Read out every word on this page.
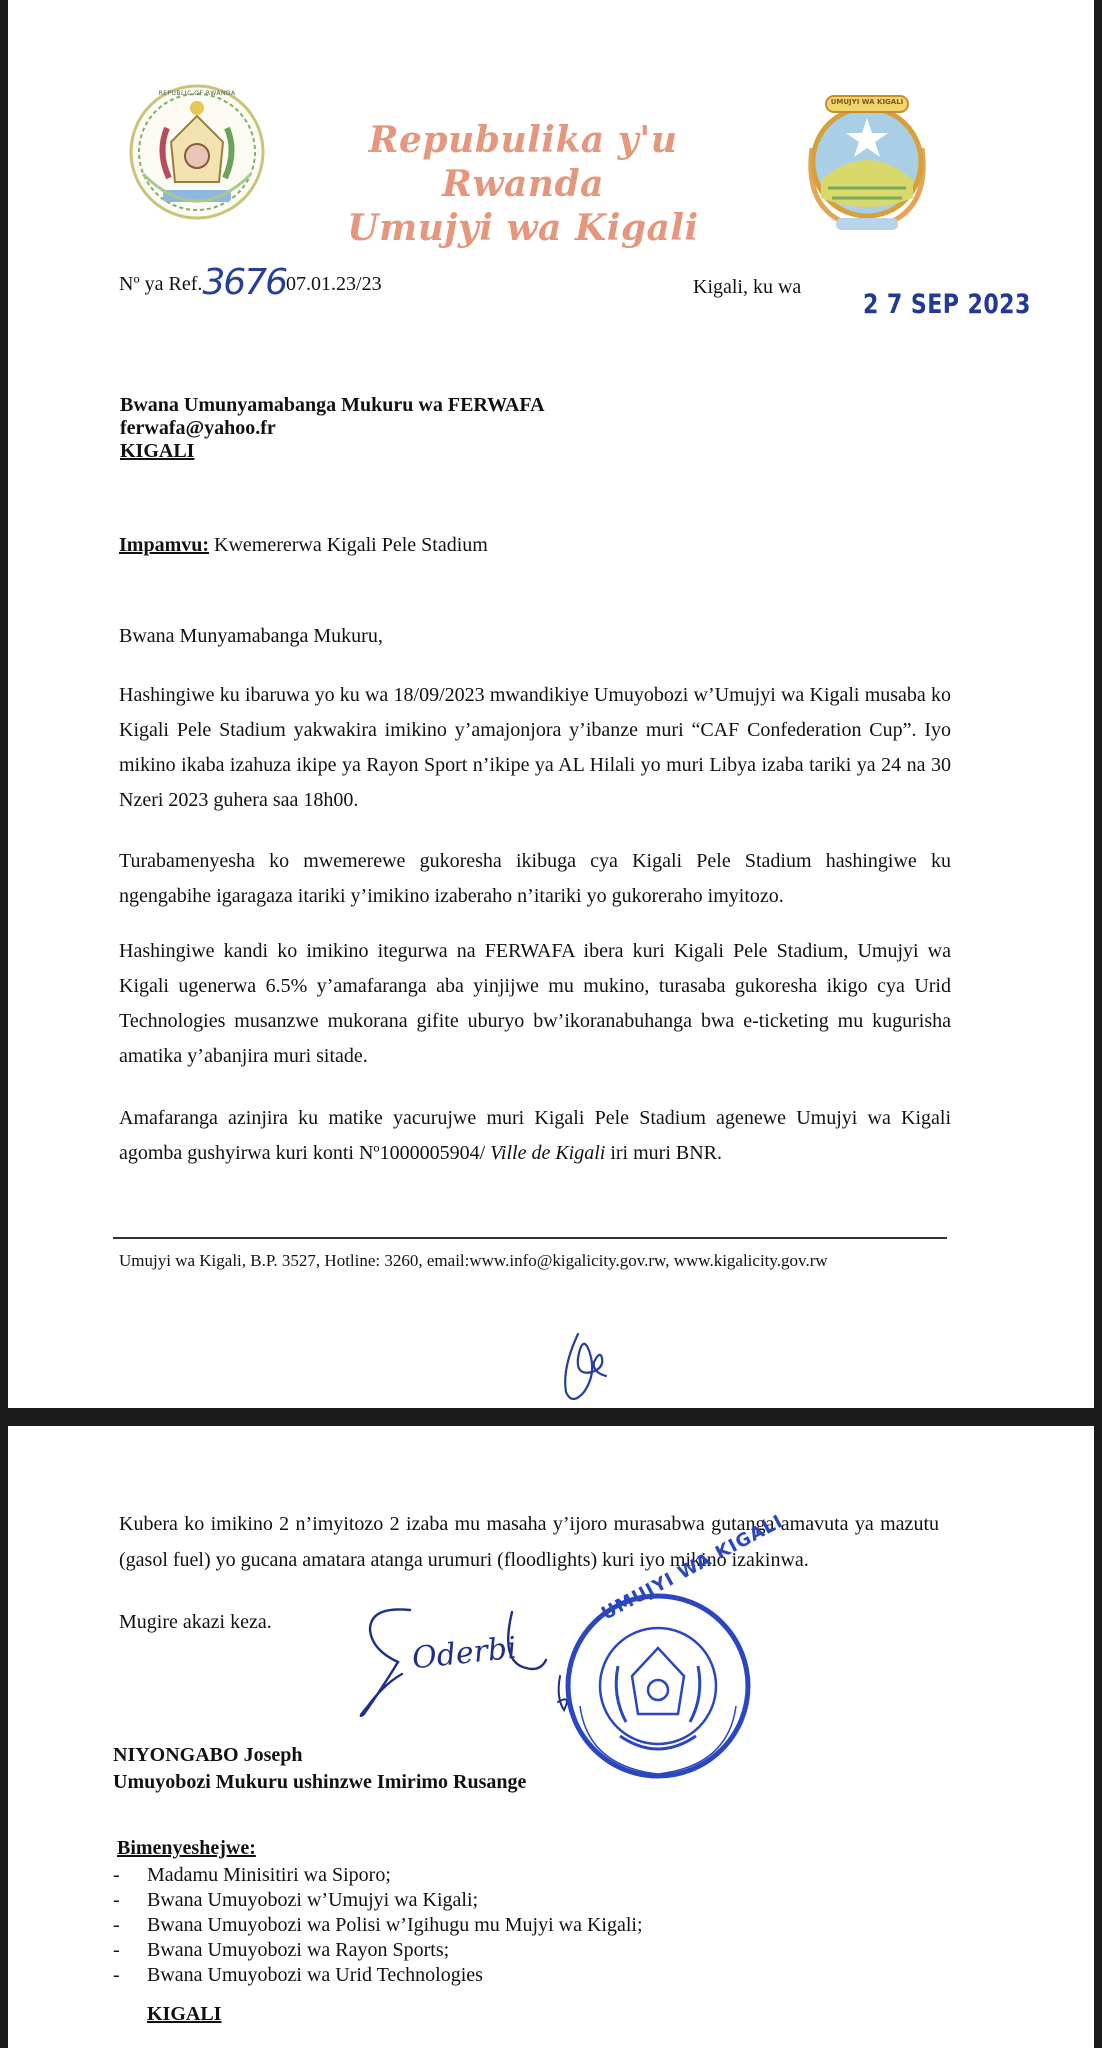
REPUBLIC OF RWANDA
Repubulika y'u Rwanda
Umujyi wa Kigali
UMUJYI WA KIGALI
Nº ya Ref.367607.01.23/23	Kigali, ku wa
2 7 SEP 2023
Bwana Umunyamabanga Mukuru wa FERWAFA
ferwafa@yahoo.fr
KIGALI
Impamvu: Kwemererwa Kigali Pele Stadium
Bwana Munyamabanga Mukuru,

Hashingiwe ku ibaruwa yo ku wa 18/09/2023 mwandikiye Umuyobozi w’Umujyi wa Kigali musaba ko Kigali Pele Stadium yakwakira imikino y’amajonjora y’ibanze muri “CAF Confederation Cup”. Iyo mikino ikaba izahuza ikipe ya Rayon Sport n’ikipe ya AL Hilali yo muri Libya izaba tariki ya 24 na 30 Nzeri 2023 guhera saa 18h00.

Turabamenyesha ko mwemerewe gukoresha ikibuga cya Kigali Pele Stadium hashingiwe ku ngengabihe igaragaza itariki y’imikino izaberaho n’itariki yo gukoreraho imyitozo.

Hashingiwe kandi ko imikino itegurwa na FERWAFA ibera kuri Kigali Pele Stadium, Umujyi wa Kigali ugenerwa 6.5% y’amafaranga aba yinjijwe mu mukino, turasaba gukoresha ikigo cya Urid Technologies musanzwe mukorana gifite uburyo bw’ikoranabuhanga bwa e-ticketing mu kugurisha amatika y’abanjira muri sitade.

Amafaranga azinjira ku matike yacurujwe muri Kigali Pele Stadium agenewe Umujyi wa Kigali agomba gushyirwa kuri konti Nº1000005904/ Ville de Kigali iri muri BNR.

Umujyi wa Kigali, B.P. 3527, Hotline: 3260, email:www.info@kigalicity.gov.rw, www.kigalicity.gov.rw

Kubera ko imikino 2 n’imyitozo 2 izaba mu masaha y’ijoro murasabwa gutanga amavuta ya mazutu (gasol fuel) yo gucana amatara atanga urumuri (floodlights) kuri iyo mikino izakinwa.

Mugire akazi keza.
Oderbi
UMUJYI WA KIGALI
NIYONGABO Joseph
Umuyobozi Mukuru ushinzwe Imirimo Rusange
Bimenyeshejwe:
- Madamu Minisitiri wa Siporo;
- Bwana Umuyobozi w’Umujyi wa Kigali;
- Bwana Umuyobozi wa Polisi w’Igihugu mu Mujyi wa Kigali;
- Bwana Umuyobozi wa Rayon Sports;
- Bwana Umuyobozi wa Urid Technologies
KIGALI
